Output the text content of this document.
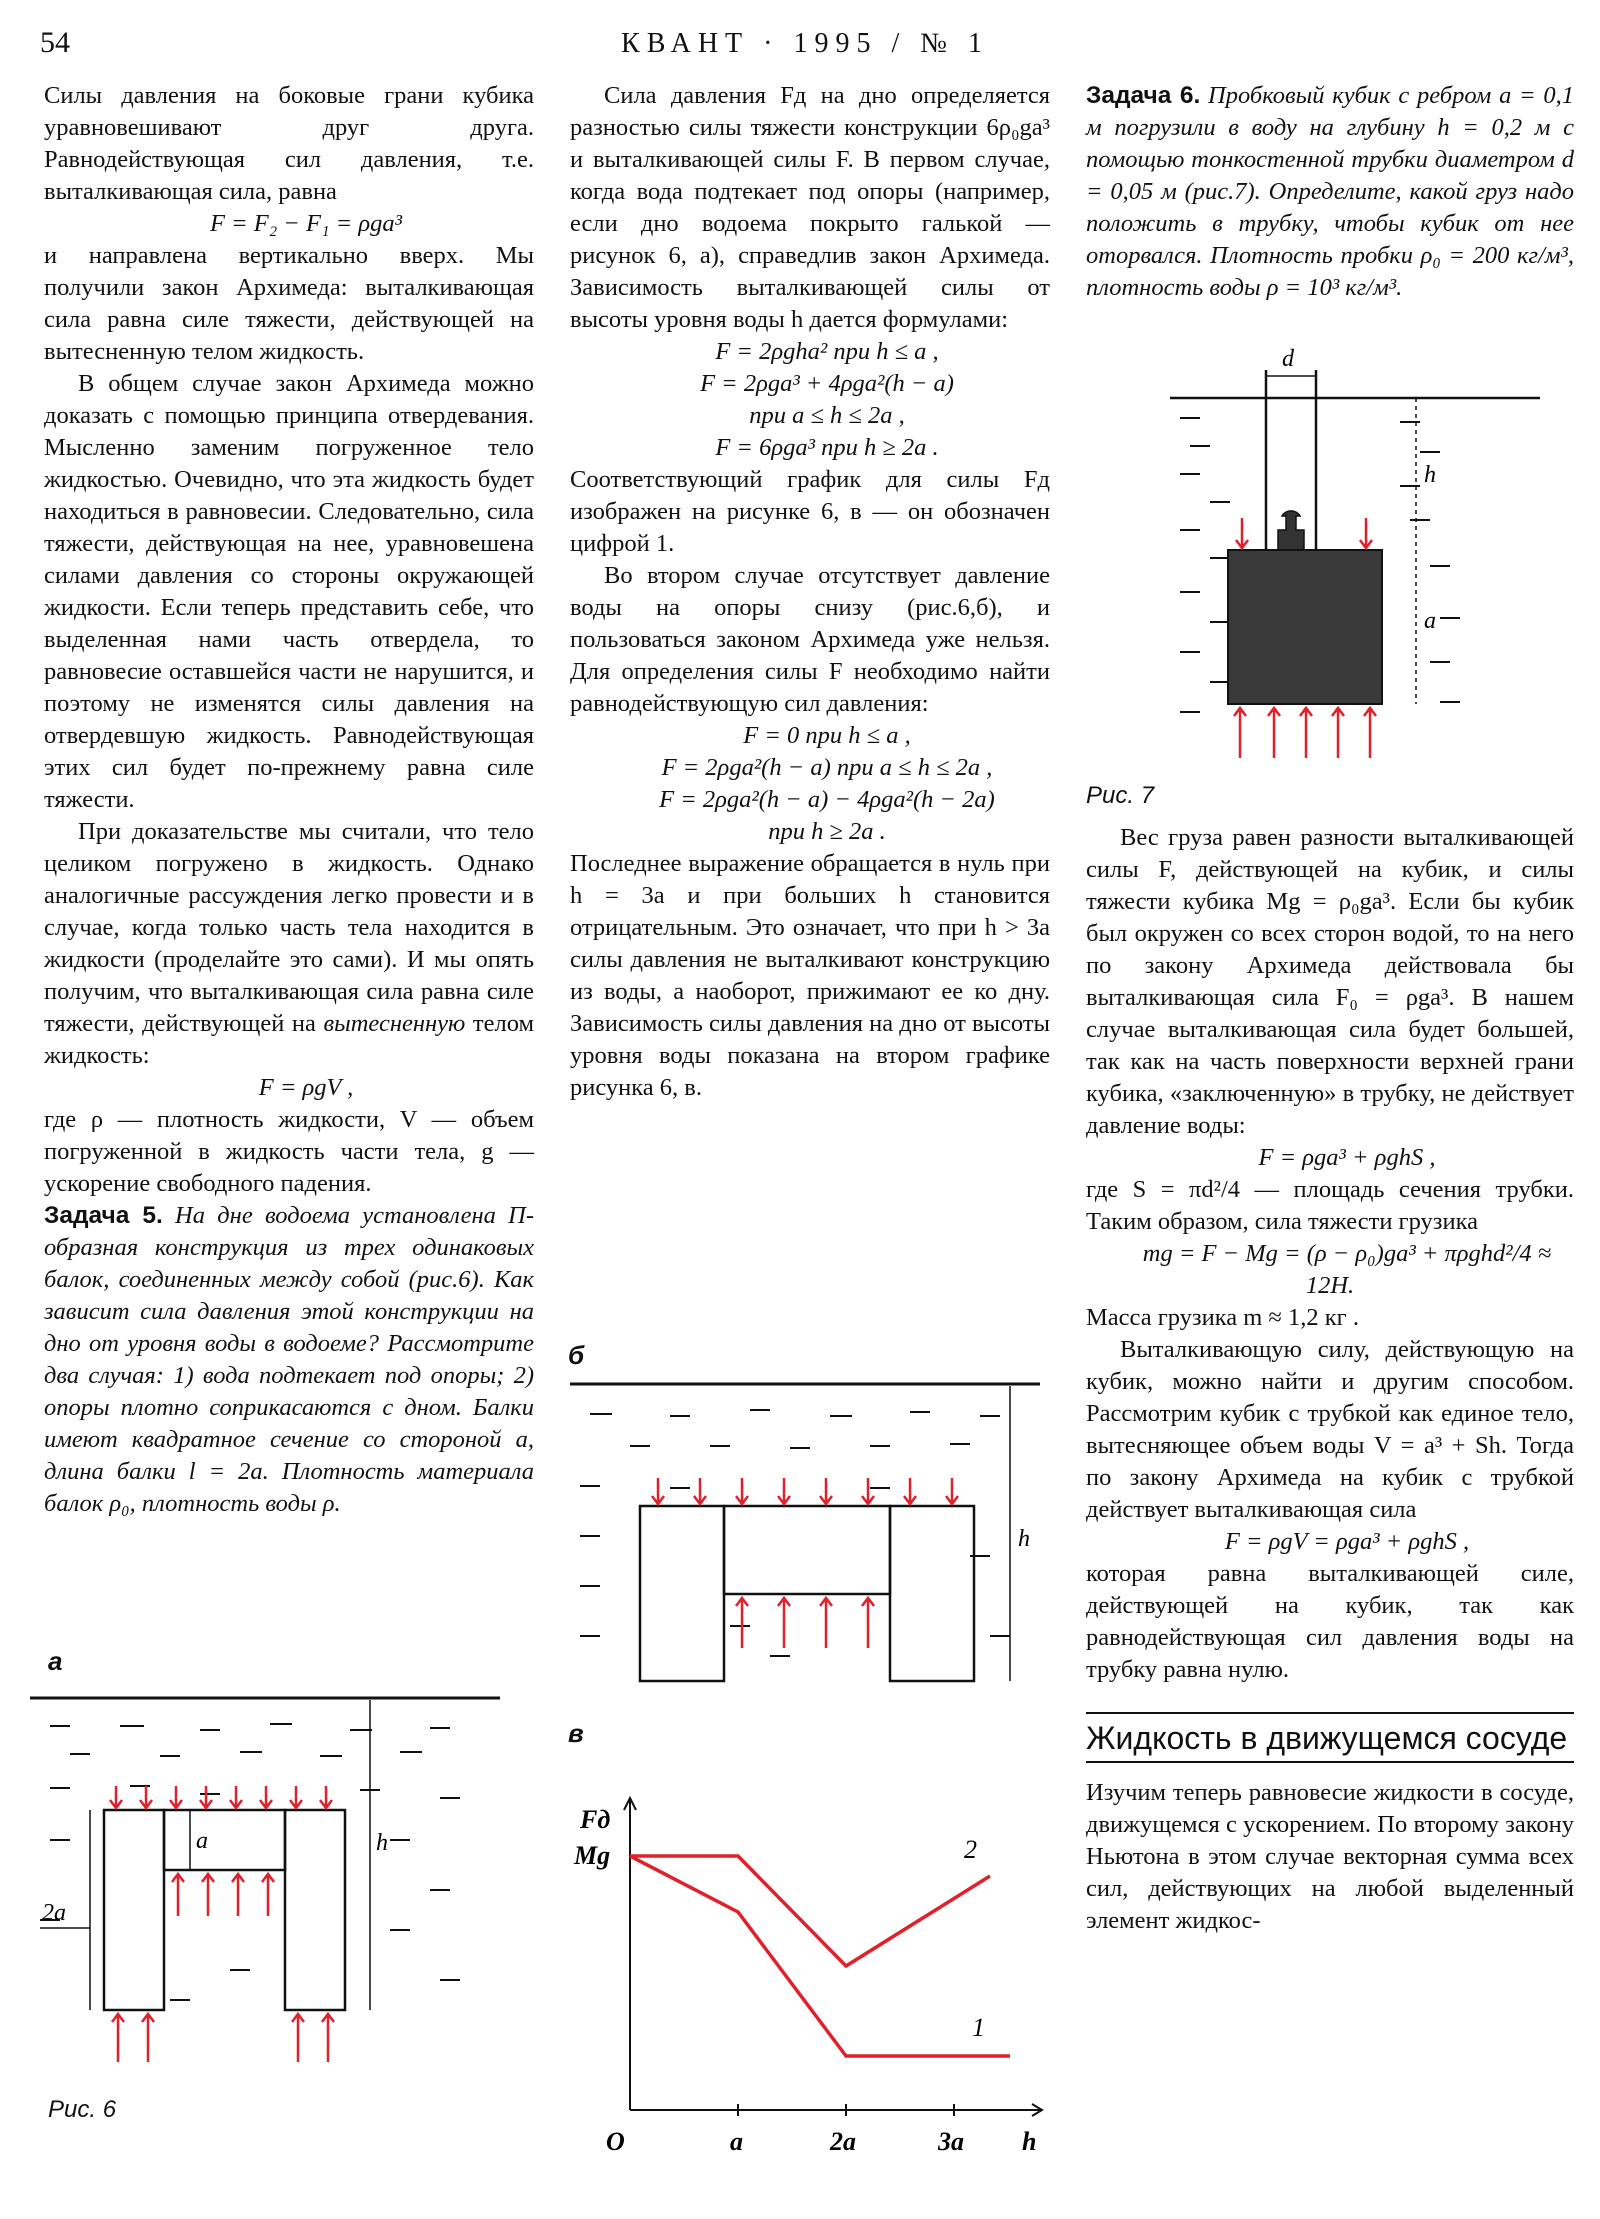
54	КВАНТ · 1995 / № 1

Силы давления на боковые грани кубика уравновешивают друг друга. Равнодействующая сил давления, т.е. выталкивающая сила, равна

F = F₂ − F₁ = ρga³

и направлена вертикально вверх. Мы получили закон Архимеда: выталкивающая сила равна силе тяжести, действующей на вытесненную телом жидкость.

В общем случае закон Архимеда можно доказать с помощью принципа отвердевания. Мысленно заменим погруженное тело жидкостью. Очевидно, что эта жидкость будет находиться в равновесии. Следовательно, сила тяжести, действующая на нее, уравновешена силами давления со стороны окружающей жидкости. Если теперь представить себе, что выделенная нами часть отвердела, то равновесие оставшейся части не нарушится, и поэтому не изменятся силы давления на отвердевшую жидкость. Равнодействующая этих сил будет по-прежнему равна силе тяжести.

При доказательстве мы считали, что тело целиком погружено в жидкость. Однако аналогичные рассуждения легко провести и в случае, когда только часть тела находится в жидкости (проделайте это сами). И мы опять получим, что выталкивающая сила равна силе тяжести, действующей на вытесненную телом жидкость:

F = ρgV ,

где ρ — плотность жидкости, V — объем погруженной в жидкость части тела, g — ускорение свободного падения.

Задача 5. На дне водоема установлена П-образная конструкция из трех одинаковых балок, соединенных между собой (рис.6). Как зависит сила давления этой конструкции на дно от уровня воды в водоеме? Рассмотрите два случая: 1) вода подтекает под опоры; 2) опоры плотно соприкасаются с дном. Балки имеют квадратное сечение со стороной a, длина балки l = 2a. Плотность материала балок ρ₀, плотность воды ρ.

Сила давления Fд на дно определяется разностью силы тяжести конструкции 6ρ₀ga³ и выталкивающей силы F. В первом случае, когда вода подтекает под опоры (например, если дно водоема покрыто галькой — рисунок 6, а), справедлив закон Архимеда. Зависимость выталкивающей силы от высоты уровня воды h дается формулами:

F = 2ρgha² при h ≤ a ,

F = 2ρga³ + 4ρga²(h − a)

при a ≤ h ≤ 2a ,

F = 6ρga³ при h ≥ 2a .

Соответствующий график для силы Fд изображен на рисунке 6, в — он обозначен цифрой 1.

Во втором случае отсутствует давление воды на опоры снизу (рис.6,б), и пользоваться законом Архимеда уже нельзя. Для определения силы F необходимо найти равнодействующую сил давления:

F = 0 при h ≤ a ,

F = 2ρga²(h − a) при a ≤ h ≤ 2a ,

F = 2ρga²(h − a) − 4ρga²(h − 2a)

при h ≥ 2a .

Последнее выражение обращается в нуль при h = 3a и при больших h становится отрицательным. Это означает, что при h > 3a силы давления не выталкивают конструкцию из воды, а наоборот, прижимают ее ко дну. Зависимость силы давления на дно от высоты уровня воды показана на втором графике рисунка 6, в.

Задача 6. Пробковый кубик с ребром a = 0,1 м погрузили в воду на глубину h = 0,2 м с помощью тонкостенной трубки диаметром d = 0,05 м (рис.7). Определите, какой груз надо положить в трубку, чтобы кубик от нее оторвался. Плотность пробки ρ₀ = 200 кг/м³, плотность воды ρ = 10³ кг/м³.

Вес груза равен разности выталкивающей силы F, действующей на кубик, и силы тяжести кубика Mg = ρ₀ga³. Если бы кубик был окружен со всех сторон водой, то на него по закону Архимеда действовала бы выталкивающая сила F₀ = ρga³. В нашем случае выталкивающая сила будет большей, так как на часть поверхности верхней грани кубика, «заключенную» в трубку, не действует давление воды:

F = ρga³ + ρghS ,

где S = πd²/4 — площадь сечения трубки. Таким образом, сила тяжести грузика

mg = F − Mg = (ρ − ρ₀)ga³ + πρghd²/4 ≈ 12Н.

Масса грузика m ≈ 1,2 кг .

Выталкивающую силу, действующую на кубик, можно найти и другим способом. Рассмотрим кубик с трубкой как единое тело, вытесняющее объем воды V = a³ + Sh. Тогда по закону Архимеда на кубик с трубкой действует выталкивающая сила

F = ρgV = ρga³ + ρghS ,

которая равна выталкивающей силе, действующей на кубик, так как равнодействующая сил давления воды на трубку равна нулю.

Жидкость в движущемся сосуде

Изучим теперь равновесие жидкости в сосуде, движущемся с ускорением. По второму закону Ньютона в этом случае векторная сумма всех сил, действующих на любой выделенный элемент жидкос-

а
2a
a	h
Рис. 6
б
h
в
Fд
Mg
O	a	2a	3a h
2
1
d
h
a
Рис. 7
